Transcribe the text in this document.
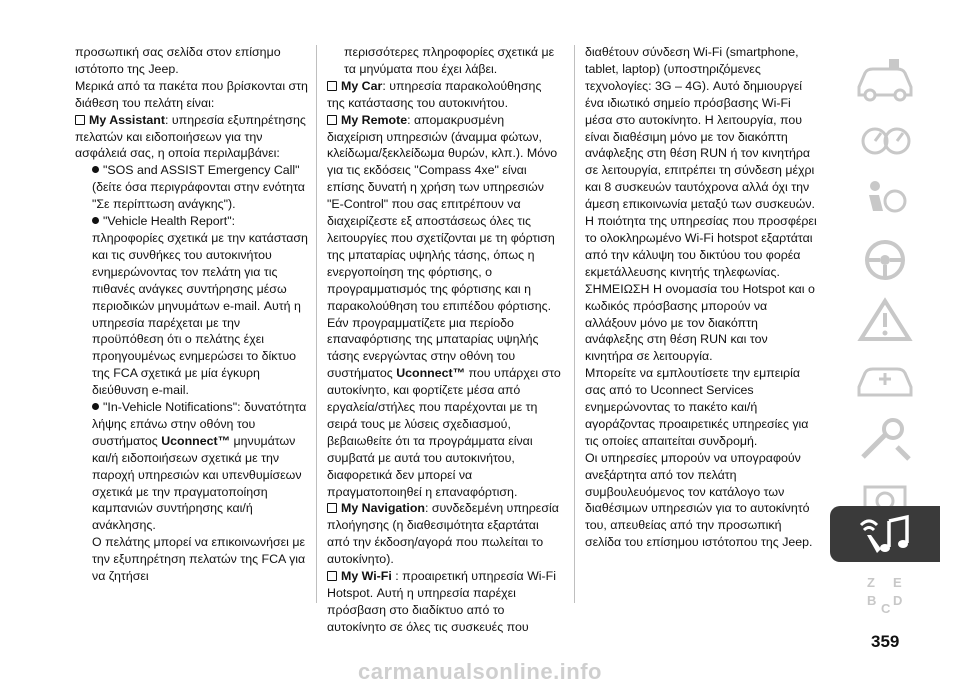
προσωπική σας σελίδα στον επίσημο ιστότοπο της Jeep.

Μερικά από τα πακέτα που βρίσκονται στη διάθεση του πελάτη είναι:

My Assistant: υπηρεσία εξυπηρέτησης πελατών και ειδοποιήσεων για την ασφάλειά σας, η οποία περιλαμβάνει:

"SOS and ASSIST Emergency Call" (δείτε όσα περιγράφονται στην ενότητα "Σε περίπτωση ανάγκης").

"Vehicle Health Report": πληροφορίες σχετικά με την κατάσταση και τις συνθήκες του αυτοκινήτου ενημερώνοντας τον πελάτη για τις πιθανές ανάγκες συντήρησης μέσω περιοδικών μηνυμάτων e-mail. Αυτή η υπηρεσία παρέχεται με την προϋπόθεση ότι ο πελάτης έχει προηγουμένως ενημερώσει το δίκτυο της FCA σχετικά με μία έγκυρη διεύθυνση e-mail.

"In-Vehicle Notifications": δυνατότητα λήψης επάνω στην οθόνη του συστήματος Uconnect™ μηνυμάτων και/ή ειδοποιήσεων σχετικά με την παροχή υπηρεσιών και υπενθυμίσεων σχετικά με την πραγματοποίηση καμπανιών συντήρησης και/ή ανάκλησης.

Ο πελάτης μπορεί να επικοινωνήσει με την εξυπηρέτηση πελατών της FCA για να ζητήσει

περισσότερες πληροφορίες σχετικά με τα μηνύματα που έχει λάβει.

My Car: υπηρεσία παρακολούθησης της κατάστασης του αυτοκινήτου.

My Remote: απομακρυσμένη διαχείριση υπηρεσιών (άναμμα φώτων, κλείδωμα/ξεκλείδωμα θυρών, κλπ.). Μόνο για τις εκδόσεις "Compass 4xe" είναι επίσης δυνατή η χρήση των υπηρεσιών "E-Control" που σας επιτρέπουν να διαχειρίζεστε εξ αποστάσεως όλες τις λειτουργίες που σχετίζονται με τη φόρτιση της μπαταρίας υψηλής τάσης, όπως η ενεργοποίηση της φόρτισης, ο προγραμματισμός της φόρτισης και η παρακολούθηση του επιπέδου φόρτισης.

Εάν προγραμματίζετε μια περίοδο επαναφόρτισης της μπαταρίας υψηλής τάσης ενεργώντας στην οθόνη του συστήματος Uconnect™ που υπάρχει στο αυτοκίνητο, και φορτίζετε μέσα από εργαλεία/στήλες που παρέχονται με τη σειρά τους με λύσεις σχεδιασμού, βεβαιωθείτε ότι τα προγράμματα είναι συμβατά με αυτά του αυτοκινήτου, διαφορετικά δεν μπορεί να πραγματοποιηθεί η επαναφόρτιση.

My Navigation: συνδεδεμένη υπηρεσία πλοήγησης (η διαθεσιμότητα εξαρτάται από την έκδοση/αγορά που πωλείται το αυτοκίνητο).

My Wi-Fi : προαιρετική υπηρεσία Wi-Fi Hotspot. Αυτή η υπηρεσία παρέχει πρόσβαση στο διαδίκτυο από το αυτοκίνητο σε όλες τις συσκευές που

διαθέτουν σύνδεση Wi-Fi (smartphone, tablet, laptop) (υποστηριζόμενες τεχνολογίες: 3G – 4G). Αυτό δημιουργεί ένα ιδιωτικό σημείο πρόσβασης Wi-Fi μέσα στο αυτοκίνητο. Η λειτουργία, που είναι διαθέσιμη μόνο με τον διακόπτη ανάφλεξης στη θέση RUN ή τον κινητήρα σε λειτουργία, επιτρέπει τη σύνδεση μέχρι και 8 συσκευών ταυτόχρονα αλλά όχι την άμεση επικοινωνία μεταξύ των συσκευών. Η ποιότητα της υπηρεσίας που προσφέρει το ολοκληρωμένο Wi-Fi hotspot εξαρτάται από την κάλυψη του δικτύου του φορέα εκμετάλλευσης κινητής τηλεφωνίας.

ΣΗΜΕΙΩΣΗ Η ονομασία του Hotspot και ο κωδικός πρόσβασης μπορούν να αλλάξουν μόνο με τον διακόπτη ανάφλεξης στη θέση RUN και τον κινητήρα σε λειτουργία.

Μπορείτε να εμπλουτίσετε την εμπειρία σας από το Uconnect Services ενημερώνοντας το πακέτο και/ή αγοράζοντας προαιρετικές υπηρεσίες για τις οποίες απαιτείται συνδρομή.

Οι υπηρεσίες μπορούν να υπογραφούν ανεξάρτητα από τον πελάτη συμβουλευόμενος τον κατάλογο των διαθέσιμων υπηρεσιών για το αυτοκίνητό του, απευθείας από την προσωπική σελίδα του επίσημου ιστότοπου της Jeep.

Z E
B
C
D
359
carmanualsonline.info
